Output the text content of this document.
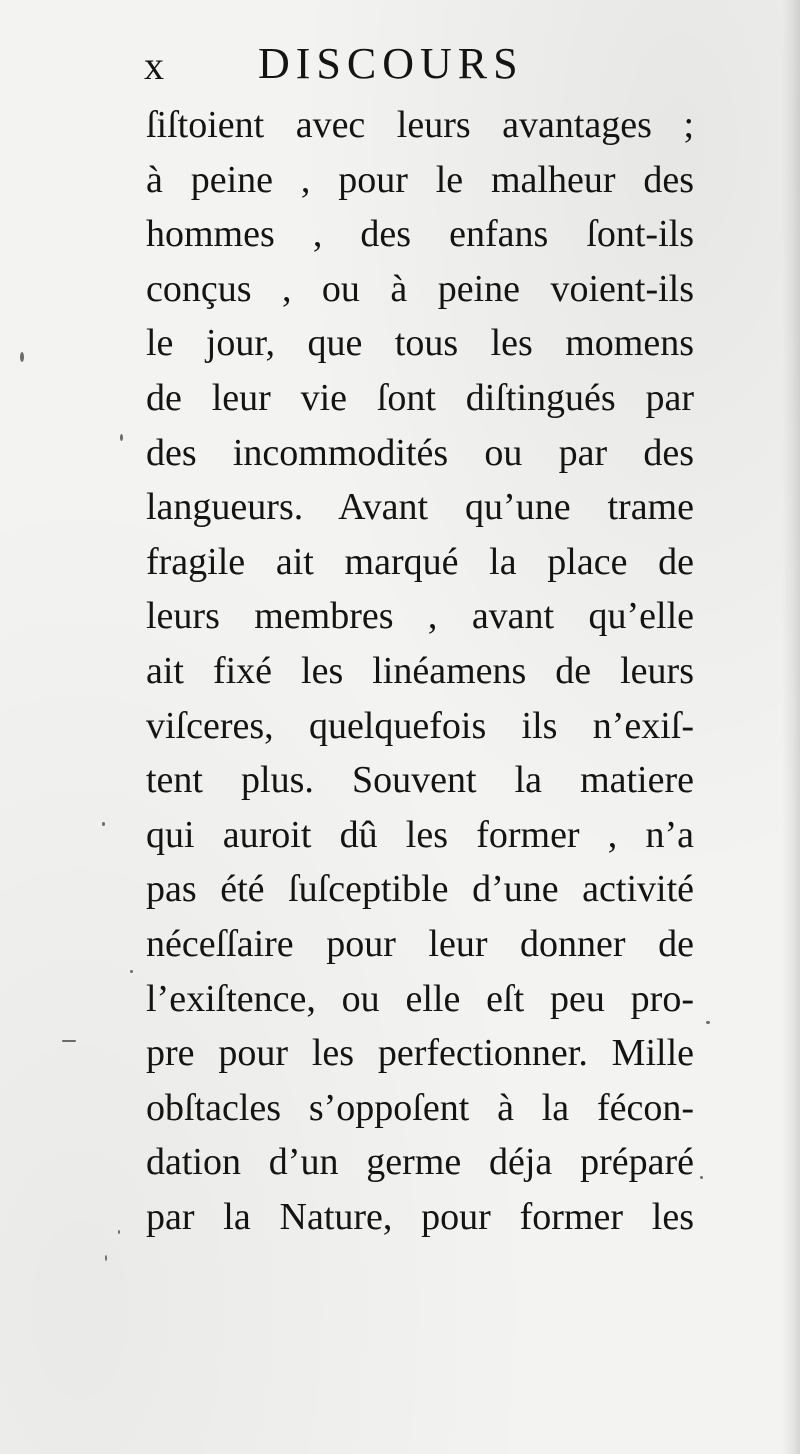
x DISCOURS
ſiſtoient avec leurs avantages ;
à peine , pour le malheur des
hommes , des enfans ſont-ils
conçus , ou à peine voient-ils
le jour, que tous les momens
de leur vie ſont diſtingués par
des incommodités ou par des
langueurs. Avant qu’une trame
fragile ait marqué la place de
leurs membres , avant qu’elle
ait fixé les linéamens de leurs
viſceres, quelquefois ils n’exiſ-
tent plus. Souvent la matiere
qui auroit dû les former , n’a
pas été ſuſceptible d’une activité
néceſſaire pour leur donner de
l’exiſtence, ou elle eſt peu pro-
pre pour les perfectionner. Mille
obſtacles s’oppoſent à la fécon-
dation d’un germe déja préparé
par la Nature, pour former les
